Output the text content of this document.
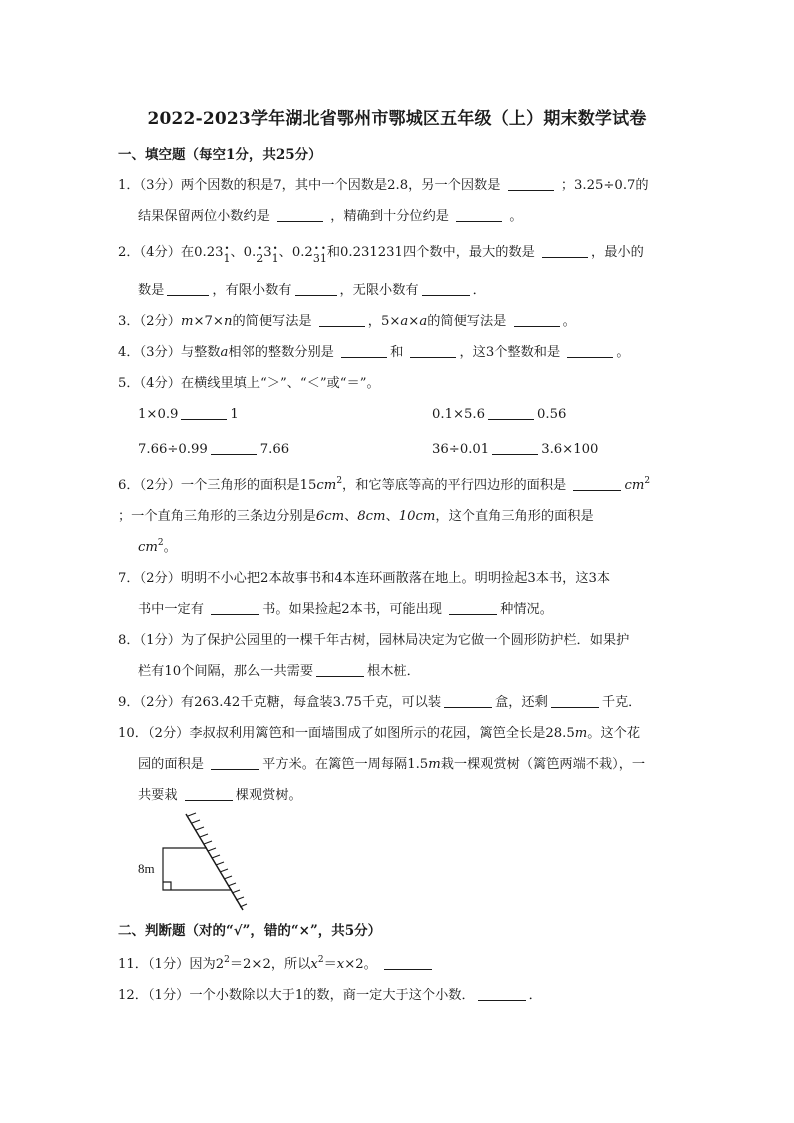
2022-2023学年湖北省鄂州市鄂城区五年级（上）期末数学试卷
一、填空题（每空1分，共25分）
1．（3分）两个因数的积是7，其中一个因数是2.8，另一个因数是	；3.25÷0.7的
结果保留两位小数约是	，精确到十分位约是	。
2．（4分）在0.23• 1、0.• 23• 1、0.2• 3• 1和0.231231四个数中，最大的数是	，最小的
数是	，有限小数有	，无限小数有	．
3．（2分）m×7×n的简便写法是	，5×a×a的简便写法是	。
4．（3分）与整数a相邻的整数分别是	和	，这3个整数和是	。
5．（4分）在横线里填上“＞”、“＜”或“＝”。
1×0.9	1	0.1×5.6	0.56
7.66÷0.99	7.66	36÷0.01	3.6×100
6．（2分）一个三角形的面积是$15cm^2$，和它等底等高的平行四边形的面积是	$cm^2$
；一个直角三角形的三条边分别是6cm、8cm、10cm，这个直角三角形的面积是
$cm^2$。
7．（2分）明明不小心把2本故事书和4本连环画散落在地上。明明捡起3本书，这3本
书中一定有	书。如果捡起2本书，可能出现	种情况。
8．（1分）为了保护公园里的一棵千年古树，园林局决定为它做一个圆形防护栏．如果护
栏有10个间隔，那么一共需要	根木桩．
9．（2分）有263.42千克糖，每盒装3.75千克，可以装	盒，还剩	千克．
10．（2分）李叔叔利用篱笆和一面墙围成了如图所示的花园，篱笆全长是28.5m。这个花
园的面积是	平方米。在篱笆一周每隔1.5m栽一棵观赏树（篱笆两端不栽），一
共要栽	棵观赏树。
8m
二、判断题（对的“√”，错的“×”，共5分）
11．（1分）因为$2^2=2\times 2$，所以$x^2=x\times 2$。
12．（1分）一个小数除以大于1的数，商一定大于这个小数．	．
